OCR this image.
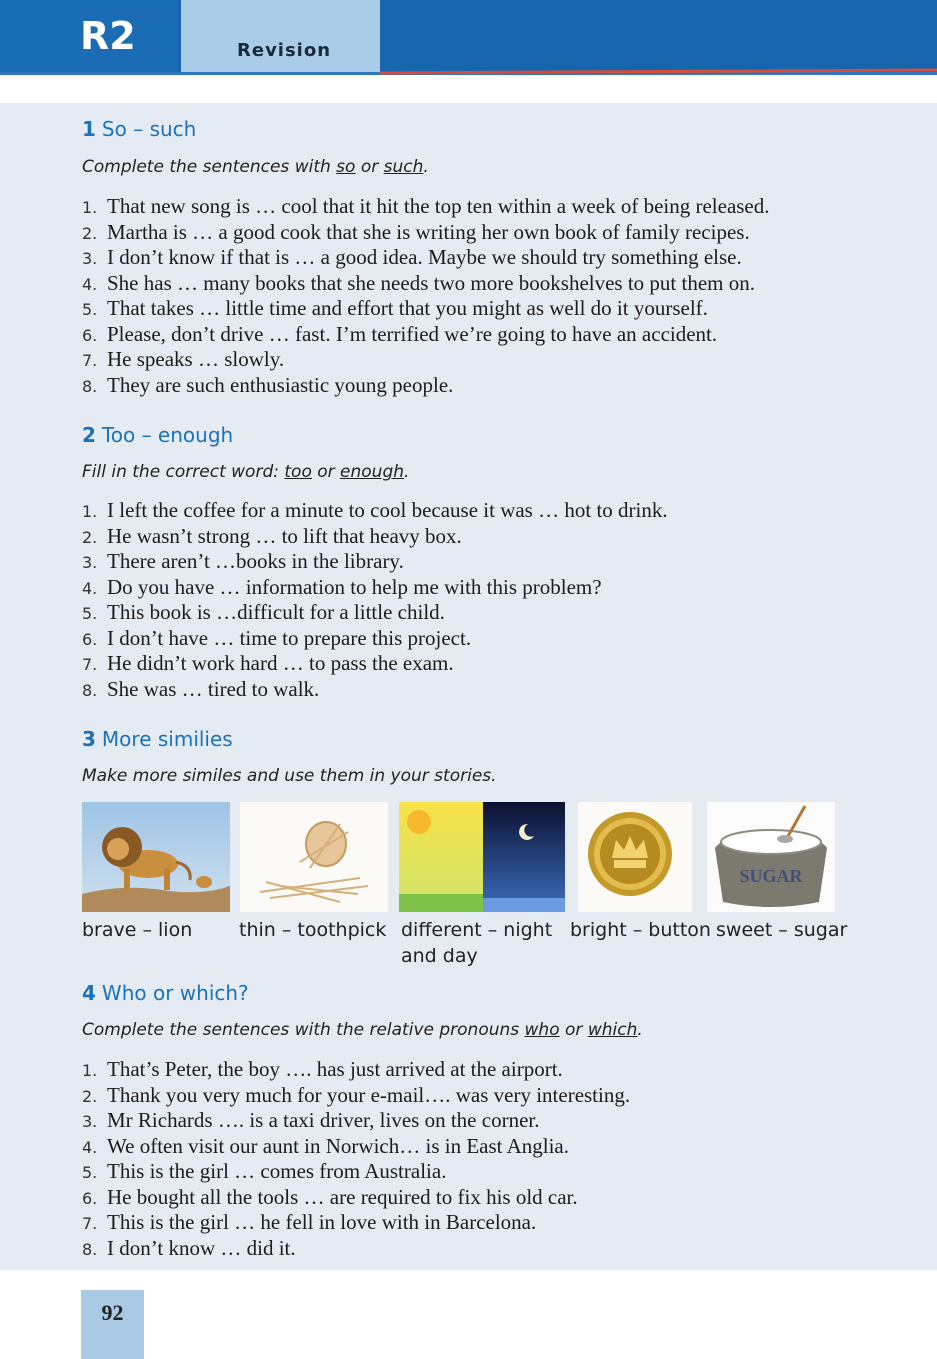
R2	Revision
1 So – such
Complete the sentences with so or such.
1. That new song is … cool that it hit the top ten within a week of being released.
2. Martha is … a good cook that she is writing her own book of family recipes.
3. I don’t know if that is … a good idea. Maybe we should try something else.
4. She has … many books that she needs two more bookshelves to put them on.
5. That takes … little time and effort that you might as well do it yourself.
6. Please, don’t drive … fast. I’m terrified we’re going to have an accident.
7. He speaks … slowly.
8. They are such enthusiastic young people.
2 Too – enough
Fill in the correct word: too or enough.
1. I left the coffee for a minute to cool because it was … hot to drink.
2. He wasn’t strong … to lift that heavy box.
3. There aren’t …books in the library.
4. Do you have … information to help me with this problem?
5. This book is …difficult for a little child.
6. I don’t have … time to prepare this project.
7. He didn’t work hard … to pass the exam.
8. She was … tired to walk.
3 More similies
Make more similes and use them in your stories.
SUGAR
brave – lion thin – toothpick different – night and day
bright – button sweet – sugar
4 Who or which?
Complete the sentences with the relative pronouns who or which.
1. That’s Peter, the boy …. has just arrived at the airport.
2. Thank you very much for your e-mail…. was very interesting.
3. Mr Richards …. is a taxi driver, lives on the corner.
4. We often visit our aunt in Norwich… is in East Anglia.
5. This is the girl … comes from Australia.
6. He bought all the tools … are required to fix his old car.
7. This is the girl … he fell in love with in Barcelona.
8. I don’t know … did it.
92
